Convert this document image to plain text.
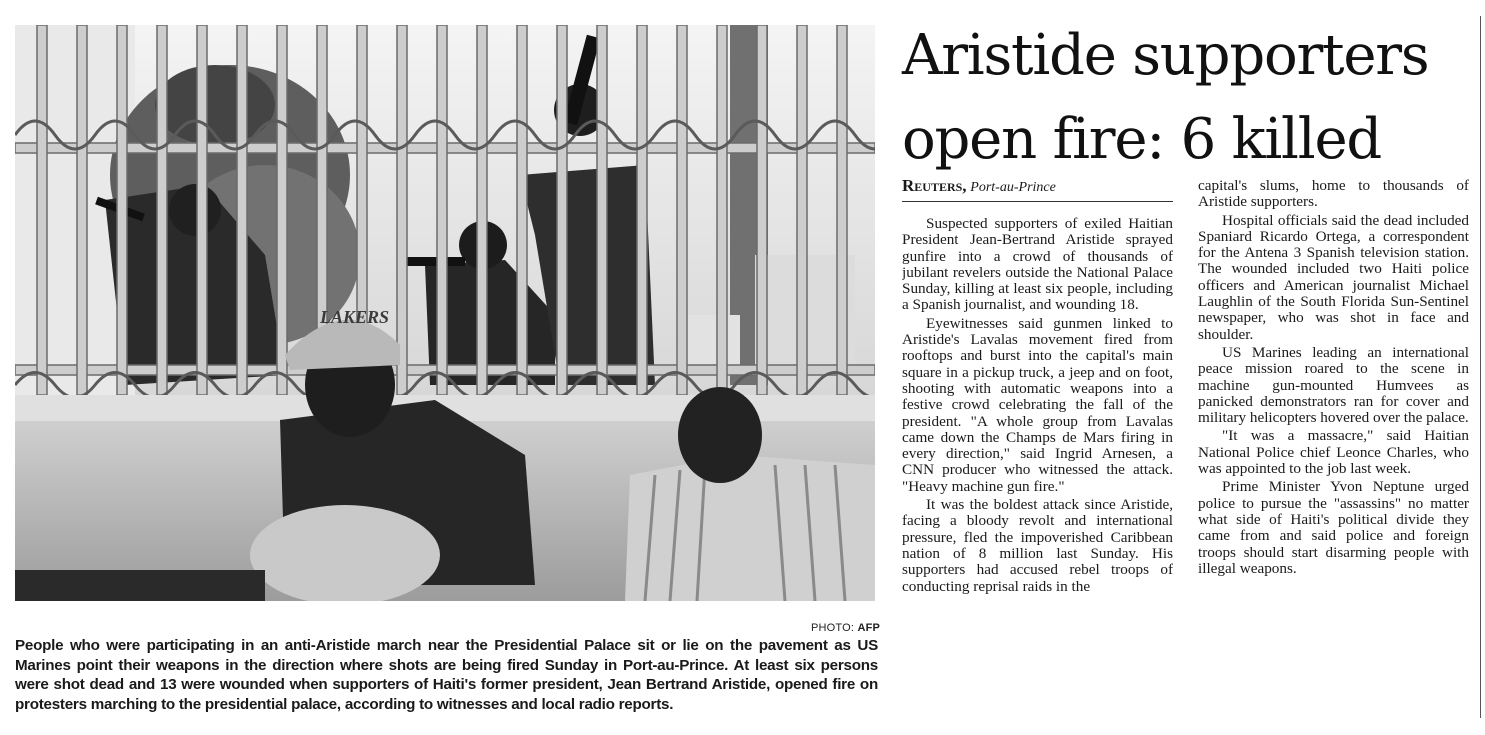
LAKERS
PHOTO: AFP
People who were participating in an anti-Aristide march near the Presidential Palace sit or lie on the pavement as US Marines point their weapons in the direction where shots are being fired Sunday in Port-au-Prince. At least six persons were shot dead and 13 were wounded when supporters of Haiti's former president, Jean Bertrand Aristide, opened fire on protesters marching to the presidential palace, according to witnesses and local radio reports.
Aristide supporters
open fire: 6 killed
Reuters, Port-au-Prince

Suspected supporters of exiled Haitian President Jean-Bertrand Aristide sprayed gunfire into a crowd of thousands of jubilant revelers outside the National Palace Sunday, killing at least six people, including a Spanish journalist, and wounding 18.

Eyewitnesses said gunmen linked to Aristide's Lavalas movement fired from rooftops and burst into the capital's main square in a pickup truck, a jeep and on foot, shooting with automatic weapons into a festive crowd celebrating the fall of the president. "A whole group from Lavalas came down the Champs de Mars firing in every direction," said Ingrid Arnesen, a CNN producer who witnessed the attack. "Heavy machine gun fire."

It was the boldest attack since Aristide, facing a bloody revolt and international pressure, fled the impoverished Caribbean nation of 8 million last Sunday. His supporters had accused rebel troops of conducting reprisal raids in the

capital's slums, home to thousands of Aristide supporters.

Hospital officials said the dead included Spaniard Ricardo Ortega, a correspondent for the Antena 3 Spanish television station. The wounded included two Haiti police officers and American journalist Michael Laughlin of the South Florida Sun-Sentinel newspaper, who was shot in face and shoulder.

US Marines leading an international peace mission roared to the scene in machine gun-mounted Humvees as panicked demonstrators ran for cover and military helicopters hovered over the palace.

"It was a massacre," said Haitian National Police chief Leonce Charles, who was appointed to the job last week.

Prime Minister Yvon Neptune urged police to pursue the "assassins" no matter what side of Haiti's political divide they came from and said police and foreign troops should start disarming people with illegal weapons.
